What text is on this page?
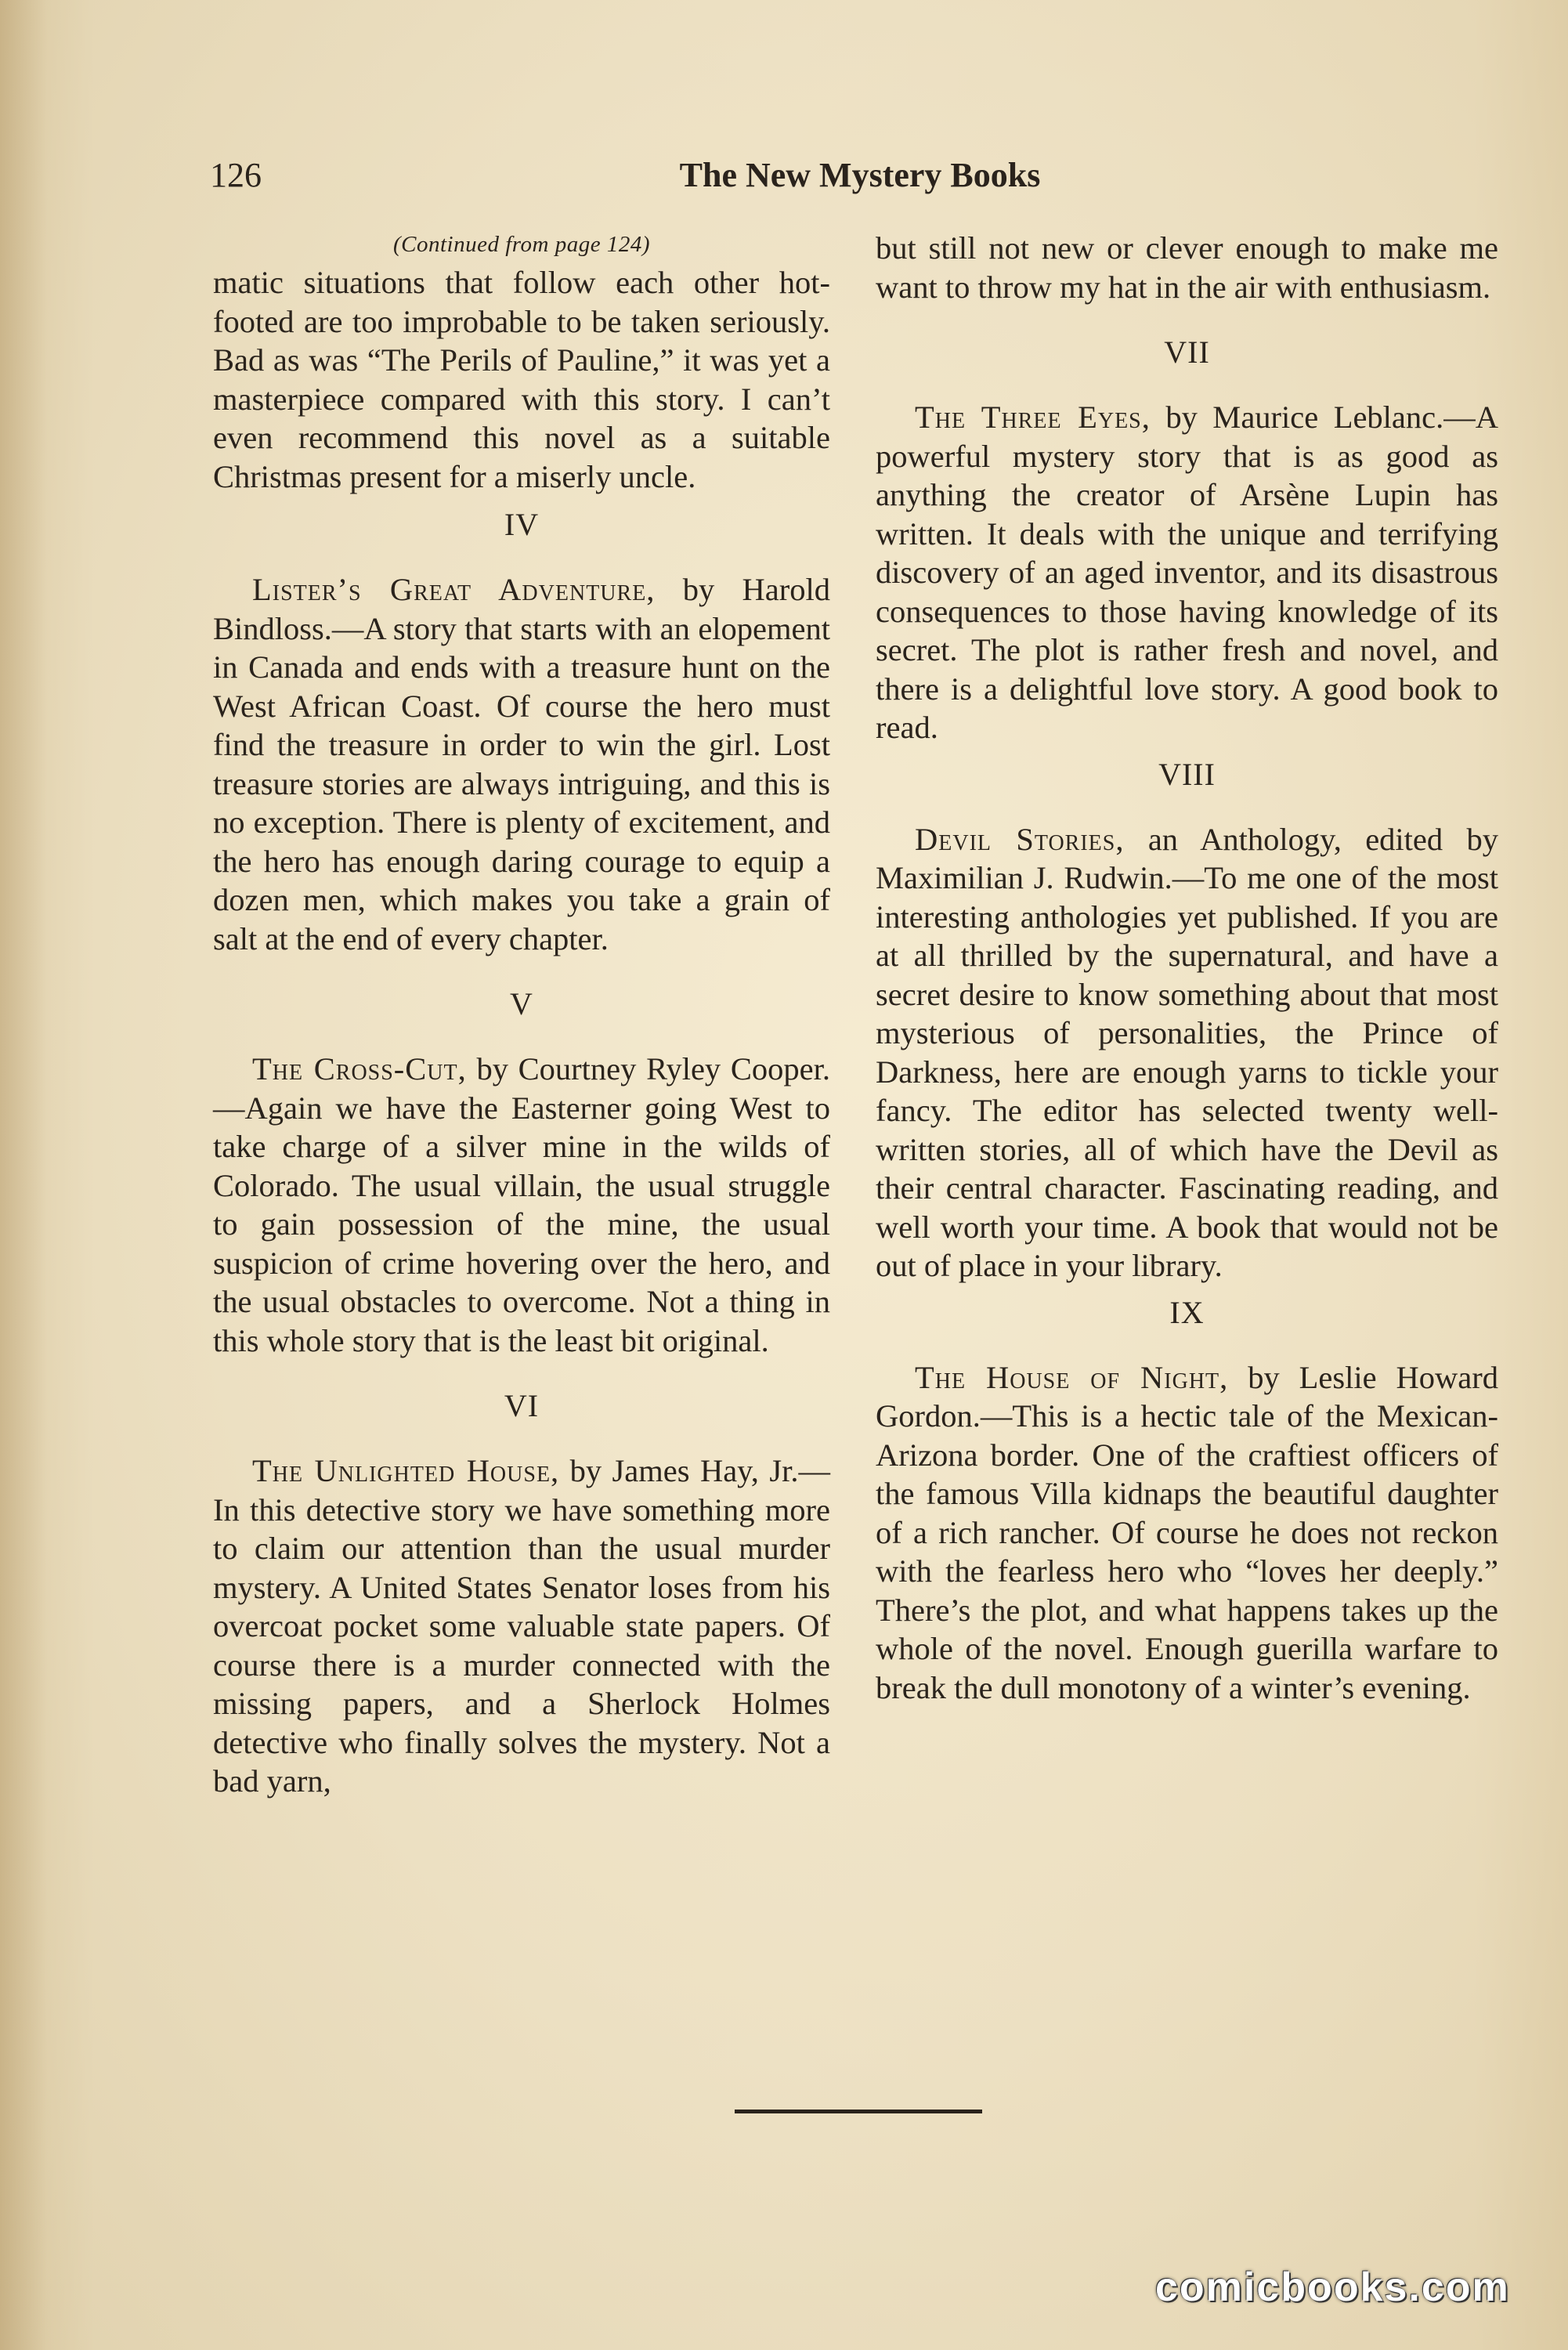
126	The New Mystery Books
(Continued from page 124)

matic situations that follow each other hot-footed are too improbable to be taken seriously. Bad as was “The Perils of Pauline,” it was yet a masterpiece compared with this story. I can’t even recommend this novel as a suitable Christmas present for a miserly uncle.

IV

Lister’s Great Adventure, by Harold Bindloss.—A story that starts with an elopement in Canada and ends with a treasure hunt on the West African Coast. Of course the hero must find the treasure in order to win the girl. Lost treasure stories are always intriguing, and this is no exception. There is plenty of excitement, and the hero has enough daring courage to equip a dozen men, which makes you take a grain of salt at the end of every chapter.

V

The Cross-Cut, by Courtney Ryley Cooper.—Again we have the Easterner going West to take charge of a silver mine in the wilds of Colorado. The usual villain, the usual struggle to gain possession of the mine, the usual suspicion of crime hovering over the hero, and the usual obstacles to overcome. Not a thing in this whole story that is the least bit original.

VI

The Unlighted House, by James Hay, Jr.—In this detective story we have something more to claim our attention than the usual murder mystery. A United States Senator loses from his overcoat pocket some valuable state papers. Of course there is a murder connected with the missing papers, and a Sherlock Holmes detective who finally solves the mystery. Not a bad yarn,

but still not new or clever enough to make me want to throw my hat in the air with enthusiasm.

VII

The Three Eyes, by Maurice Leblanc.—A powerful mystery story that is as good as anything the creator of Arsène Lupin has written. It deals with the unique and terrifying discovery of an aged inventor, and its disastrous consequences to those having knowledge of its secret. The plot is rather fresh and novel, and there is a delightful love story. A good book to read.

VIII

Devil Stories, an Anthology, edited by Maximilian J. Rudwin.—To me one of the most interesting anthologies yet published. If you are at all thrilled by the supernatural, and have a secret desire to know something about that most mysterious of personalities, the Prince of Darkness, here are enough yarns to tickle your fancy. The editor has selected twenty well-written stories, all of which have the Devil as their central character. Fascinating reading, and well worth your time. A book that would not be out of place in your library.

IX

The House of Night, by Leslie Howard Gordon.—This is a hectic tale of the Mexican-Arizona border. One of the craftiest officers of the famous Villa kidnaps the beautiful daughter of a rich rancher. Of course he does not reckon with the fearless hero who “loves her deeply.” There’s the plot, and what happens takes up the whole of the novel. Enough guerilla warfare to break the dull monotony of a winter’s evening.

comicbooks.com
